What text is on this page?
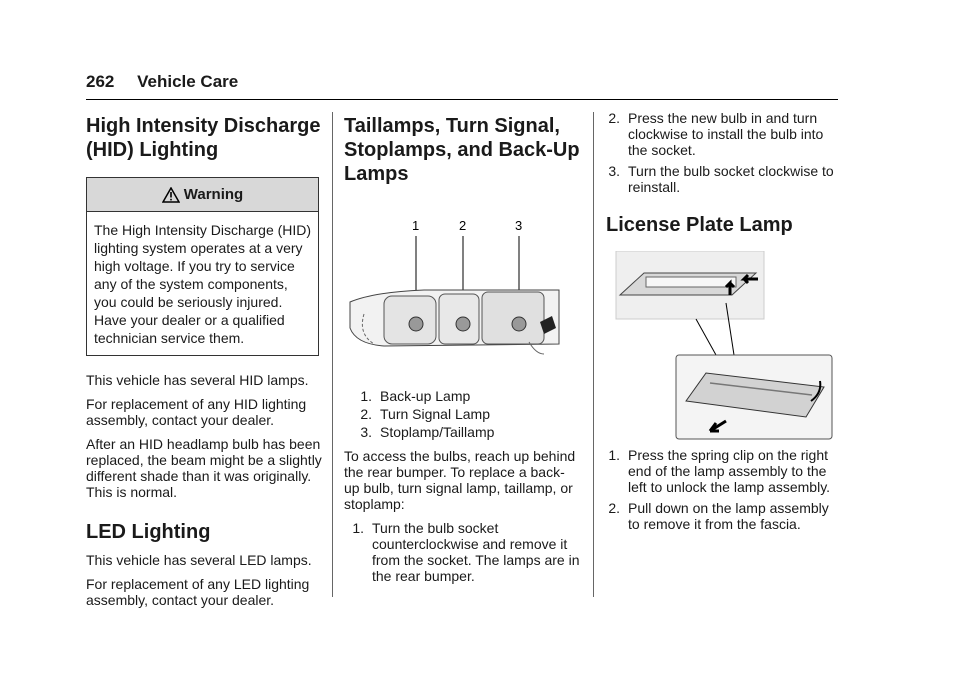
262 Vehicle Care
High Intensity Discharge (HID) Lighting
Warning
The High Intensity Discharge (HID) lighting system operates at a very high voltage. If you try to service any of the system components, you could be seriously injured. Have your dealer or a qualified technician service them.

This vehicle has several HID lamps.

For replacement of any HID lighting assembly, contact your dealer.

After an HID headlamp bulb has been replaced, the beam might be a slightly different shade than it was originally. This is normal.

LED Lighting

This vehicle has several LED lamps.

For replacement of any LED lighting assembly, contact your dealer.

Taillamps, Turn Signal, Stoplamps, and Back-Up Lamps
1	2	3
1. Back-up Lamp
2. Turn Signal Lamp
3. Stoplamp/Taillamp

To access the bulbs, reach up behind the rear bumper. To replace a back-up bulb, turn signal lamp, taillamp, or stoplamp:

1. Turn the bulb socket counterclockwise and remove it from the socket. The lamps are in the rear bumper.
2. Press the new bulb in and turn clockwise to install the bulb into the socket.
3. Turn the bulb socket clockwise to reinstall.
License Plate Lamp
1. Press the spring clip on the right end of the lamp assembly to the left to unlock the lamp assembly.
2. Pull down on the lamp assembly to remove it from the fascia.
